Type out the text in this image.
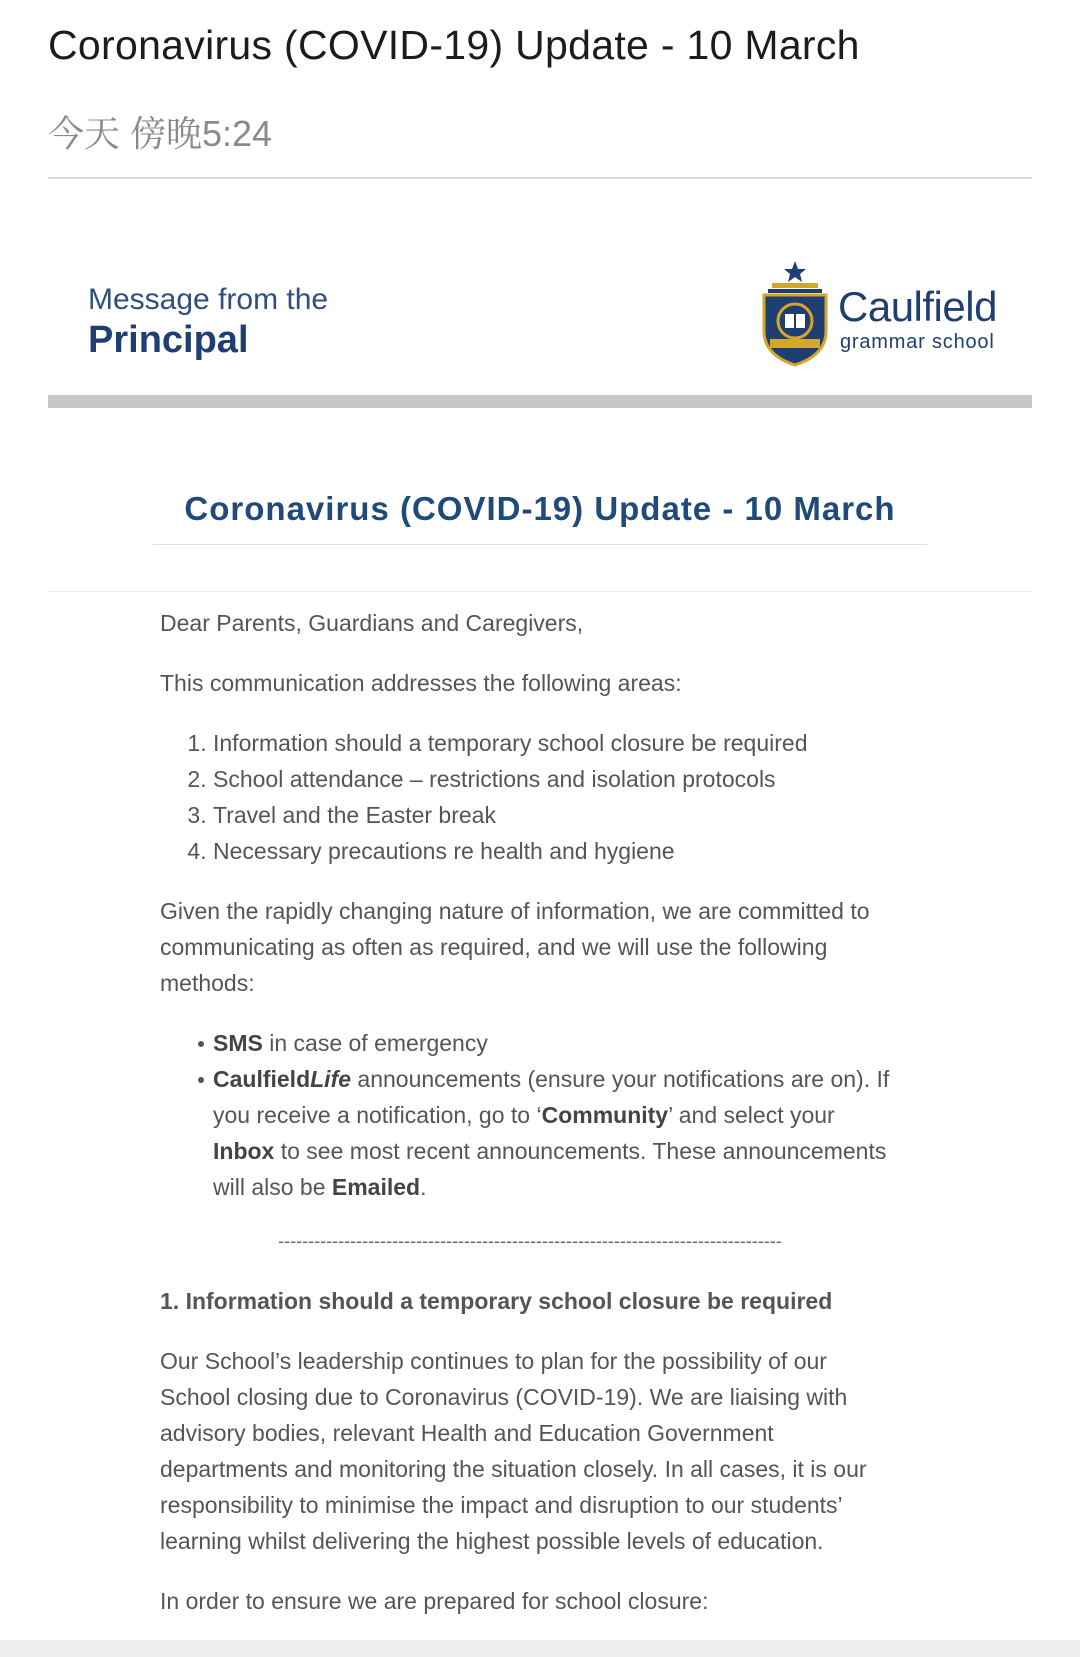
Coronavirus (COVID-19) Update - 10 March
今天 傍晚5:24
Message from the
Principal
Caulfield
grammar school
Coronavirus (COVID-19) Update - 10 March

Dear Parents, Guardians and Caregivers,

This communication addresses the following areas:

1. Information should a temporary school closure be required
2. School attendance – restrictions and isolation protocols
3. Travel and the Easter break
4. Necessary precautions re health and hygiene

Given the rapidly changing nature of information, we are committed to communicating as often as required, and we will use the following methods:

SMS in case of emergency
CaulfieldLife announcements (ensure your notifications are on). If you receive a notification, go to ‘Community’ and select your Inbox to see most recent announcements. These announcements will also be Emailed.
------------------------------------------------------------------------------------

1. Information should a temporary school closure be required

Our School’s leadership continues to plan for the possibility of our School closing due to Coronavirus (COVID-19). We are liaising with advisory bodies, relevant Health and Education Government departments and monitoring the situation closely. In all cases, it is our responsibility to minimise the impact and disruption to our students’ learning whilst delivering the highest possible levels of education.

In order to ensure we are prepared for school closure:
